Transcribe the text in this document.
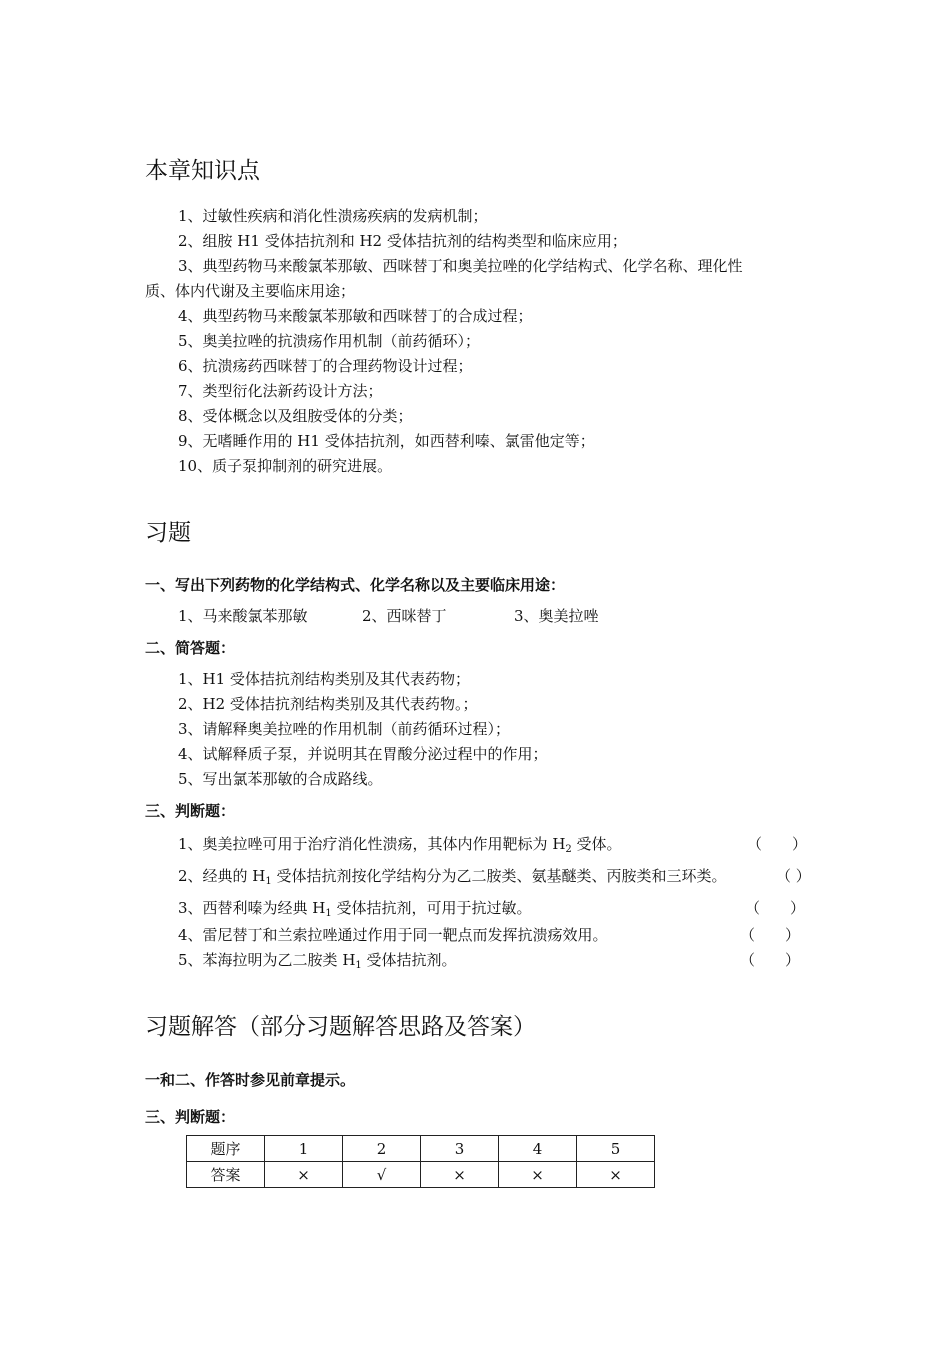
本章知识点

1、过敏性疾病和消化性溃疡疾病的发病机制；

2、组胺 H1 受体拮抗剂和 H2 受体拮抗剂的结构类型和临床应用；

3、典型药物马来酸氯苯那敏、西咪替丁和奥美拉唑的化学结构式、化学名称、理化性

质、体内代谢及主要临床用途；

4、典型药物马来酸氯苯那敏和西咪替丁的合成过程；

5、奥美拉唑的抗溃疡作用机制（前药循环）；

6、抗溃疡药西咪替丁的合理药物设计过程；

7、类型衍化法新药设计方法；

8、受体概念以及组胺受体的分类；

9、无嗜睡作用的 H1 受体拮抗剂，如西替利嗪、氯雷他定等；

10、质子泵抑制剂的研究进展。

习题

一、写出下列药物的化学结构式、化学名称以及主要临床用途：

1、马来酸氯苯那敏	2、西咪替丁	3、奥美拉唑

二、简答题：

1、H1 受体拮抗剂结构类别及其代表药物；

2、H2 受体拮抗剂结构类别及其代表药物。；

3、请解释奥美拉唑的作用机制（前药循环过程）；

4、试解释质子泵，并说明其在胃酸分泌过程中的作用；

5、写出氯苯那敏的合成路线。

三、判断题：

1、奥美拉唑可用于治疗消化性溃疡，其体内作用靶标为 $H_2$ 受体。	（　　）

2、经典的 $H_1$ 受体拮抗剂按化学结构分为乙二胺类、氨基醚类、丙胺类和三环类。	（ ）

3、西替利嗪为经典 $H_1$ 受体拮抗剂，可用于抗过敏。	（　　）

4、雷尼替丁和兰索拉唑通过作用于同一靶点而发挥抗溃疡效用。	（　　）

5、苯海拉明为乙二胺类 $H_1$ 受体拮抗剂。	（　　）
习题解答（部分习题解答思路及答案）

一和二、作答时参见前章提示。

三、判断题：

题序	1	2	3	4	5
答案	×	√	×	×	×
